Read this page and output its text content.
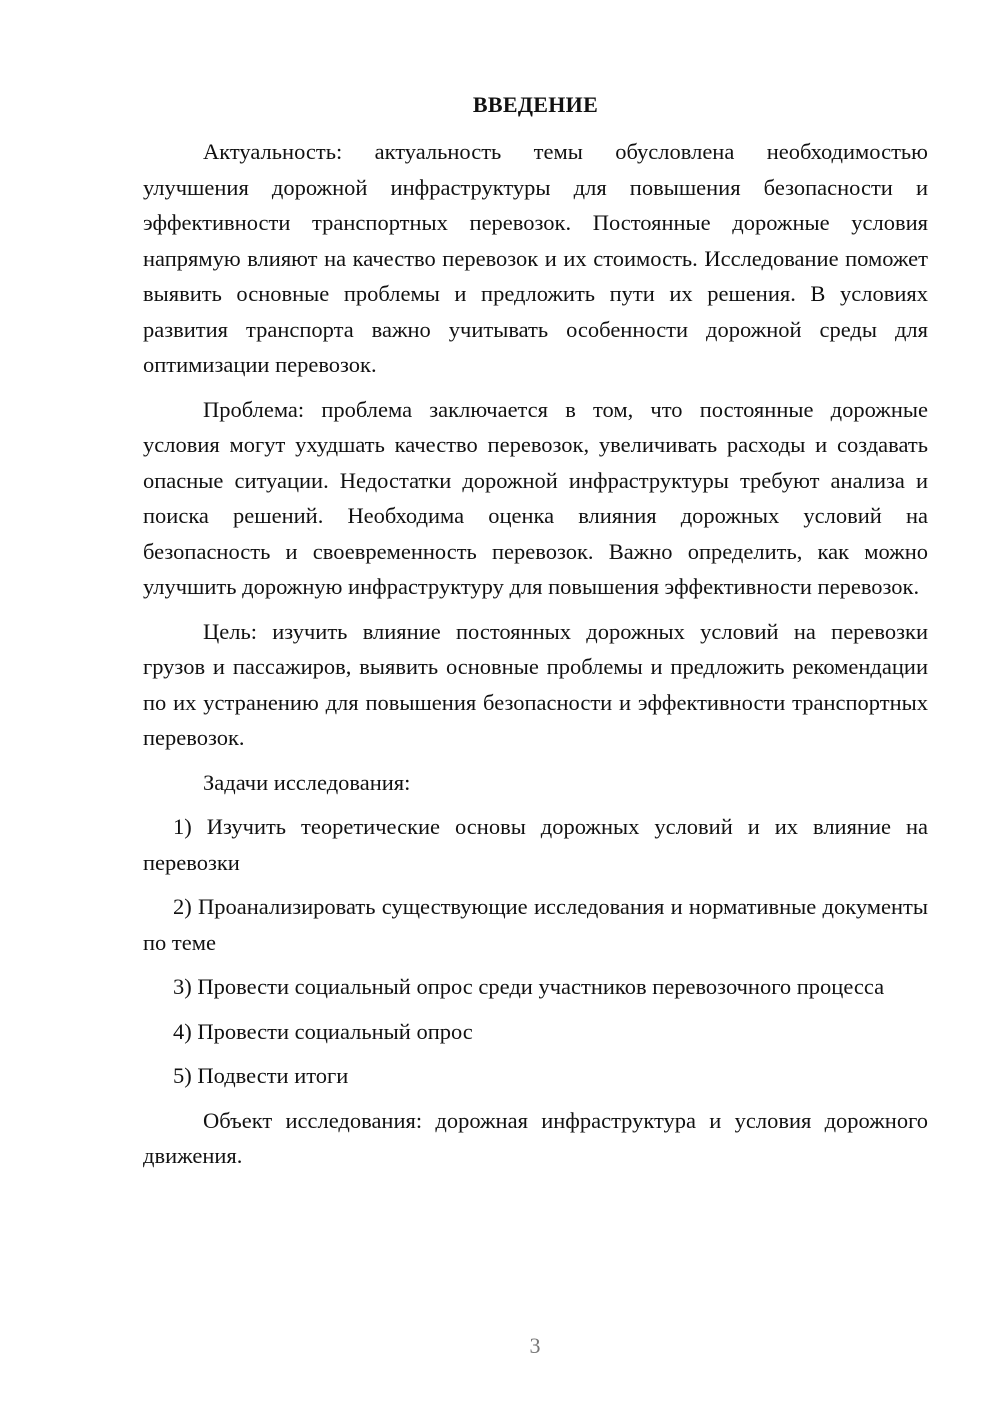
ВВЕДЕНИЕ

Актуальность: актуальность темы обусловлена необходимостью улучшения дорожной инфраструктуры для повышения безопасности и эффективности транспортных перевозок. Постоянные дорожные условия напрямую влияют на качество перевозок и их стоимость. Исследование поможет выявить основные проблемы и предложить пути их решения. В условиях развития транспорта важно учитывать особенности дорожной среды для оптимизации перевозок.

Проблема: проблема заключается в том, что постоянные дорожные условия могут ухудшать качество перевозок, увеличивать расходы и создавать опасные ситуации. Недостатки дорожной инфраструктуры требуют анализа и поиска решений. Необходима оценка влияния дорожных условий на безопасность и своевременность перевозок. Важно определить, как можно улучшить дорожную инфраструктуру для повышения эффективности перевозок.

Цель: изучить влияние постоянных дорожных условий на перевозки грузов и пассажиров, выявить основные проблемы и предложить рекомендации по их устранению для повышения безопасности и эффективности транспортных перевозок.

Задачи исследования:
1) Изучить теоретические основы дорожных условий и их влияние на перевозки
2) Проанализировать существующие исследования и нормативные документы по теме
3) Провести социальный опрос среди участников перевозочного процесса
4) Провести социальный опрос
5) Подвести итоги

Объект исследования: дорожная инфраструктура и условия дорожного движения.

3
